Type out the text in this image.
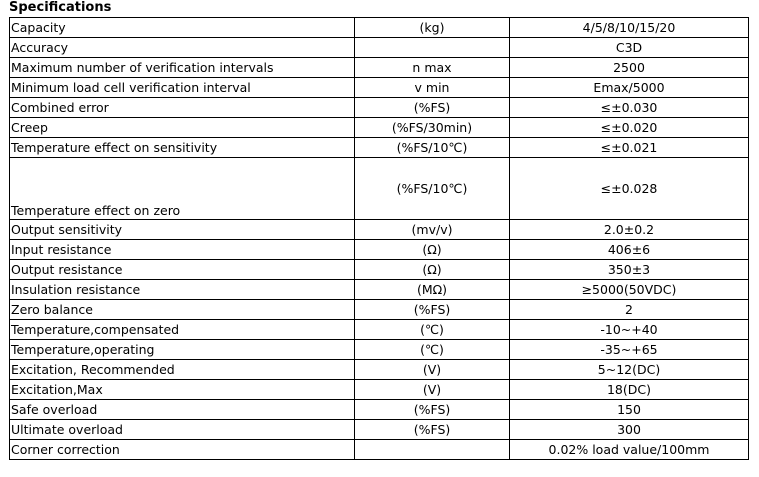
Specifications
Capacity	(kg)	4/5/8/10/15/20
Accuracy		C3D
Maximum number of verification intervals	n max	2500
Minimum load cell verification interval	v min	Emax/5000
Combined error	(%FS)	≤±0.030
Creep	(%FS/30min)	≤±0.020
Temperature effect on sensitivity	(%FS/10℃)	≤±0.021
Temperature effect on zero	(%FS/10℃)	≤±0.028
Output sensitivity	(mv/v)	2.0±0.2
Input resistance	(Ω)	406±6
Output resistance	(Ω)	350±3
Insulation resistance	(MΩ)	≥5000(50VDC)
Zero balance	(%FS)	2
Temperature,compensated	(℃)	-10~+40
Temperature,operating	(℃)	-35~+65
Excitation, Recommended	(V)	5~12(DC)
Excitation,Max	(V)	18(DC)
Safe overload	(%FS)	150
Ultimate overload	(%FS)	300
Corner correction		0.02% load value/100mm
